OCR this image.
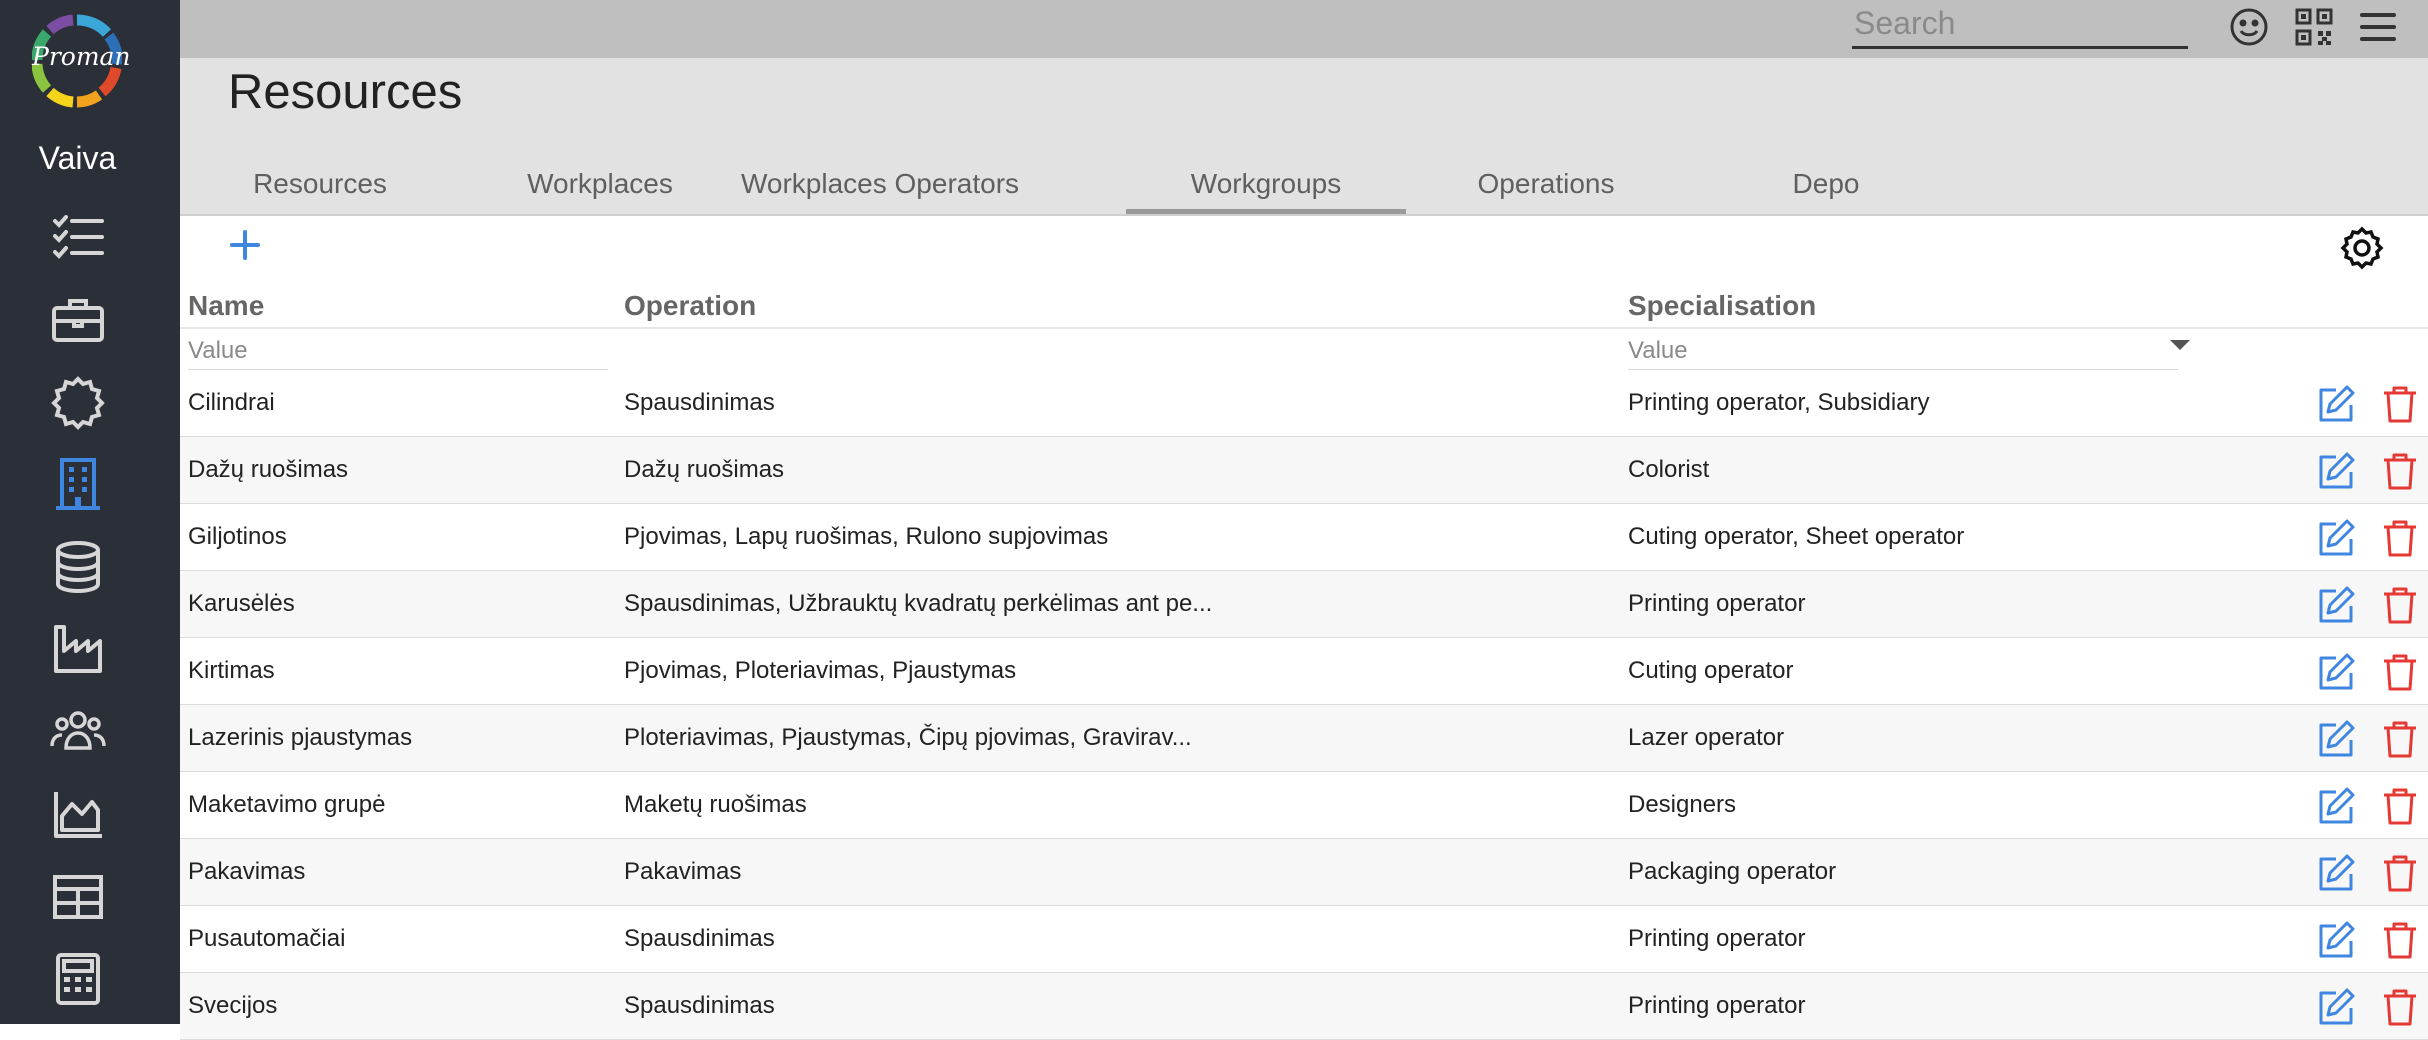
Proman
Vaiva
Search
Resources
Resources	Workplaces	Workplaces Operators	Workgroups	Operations	Depo
Name	Operation	Specialisation
Value
Value
Cilindrai	Spausdinimas	Printing operator, Subsidiary
Dažų ruošimas	Dažų ruošimas	Colorist
Giljotinos	Pjovimas, Lapų ruošimas, Rulono supjovimas	Cuting operator, Sheet operator
Karusėlės	Spausdinimas, Užbrauktų kvadratų perkėlimas ant pe...	Printing operator
Kirtimas	Pjovimas, Ploteriavimas, Pjaustymas	Cuting operator
Lazerinis pjaustymas	Ploteriavimas, Pjaustymas, Čipų pjovimas, Gravirav...	Lazer operator
Maketavimo grupė	Maketų ruošimas	Designers
Pakavimas	Pakavimas	Packaging operator
Pusautomačiai	Spausdinimas	Printing operator
Svecijos	Spausdinimas	Printing operator
